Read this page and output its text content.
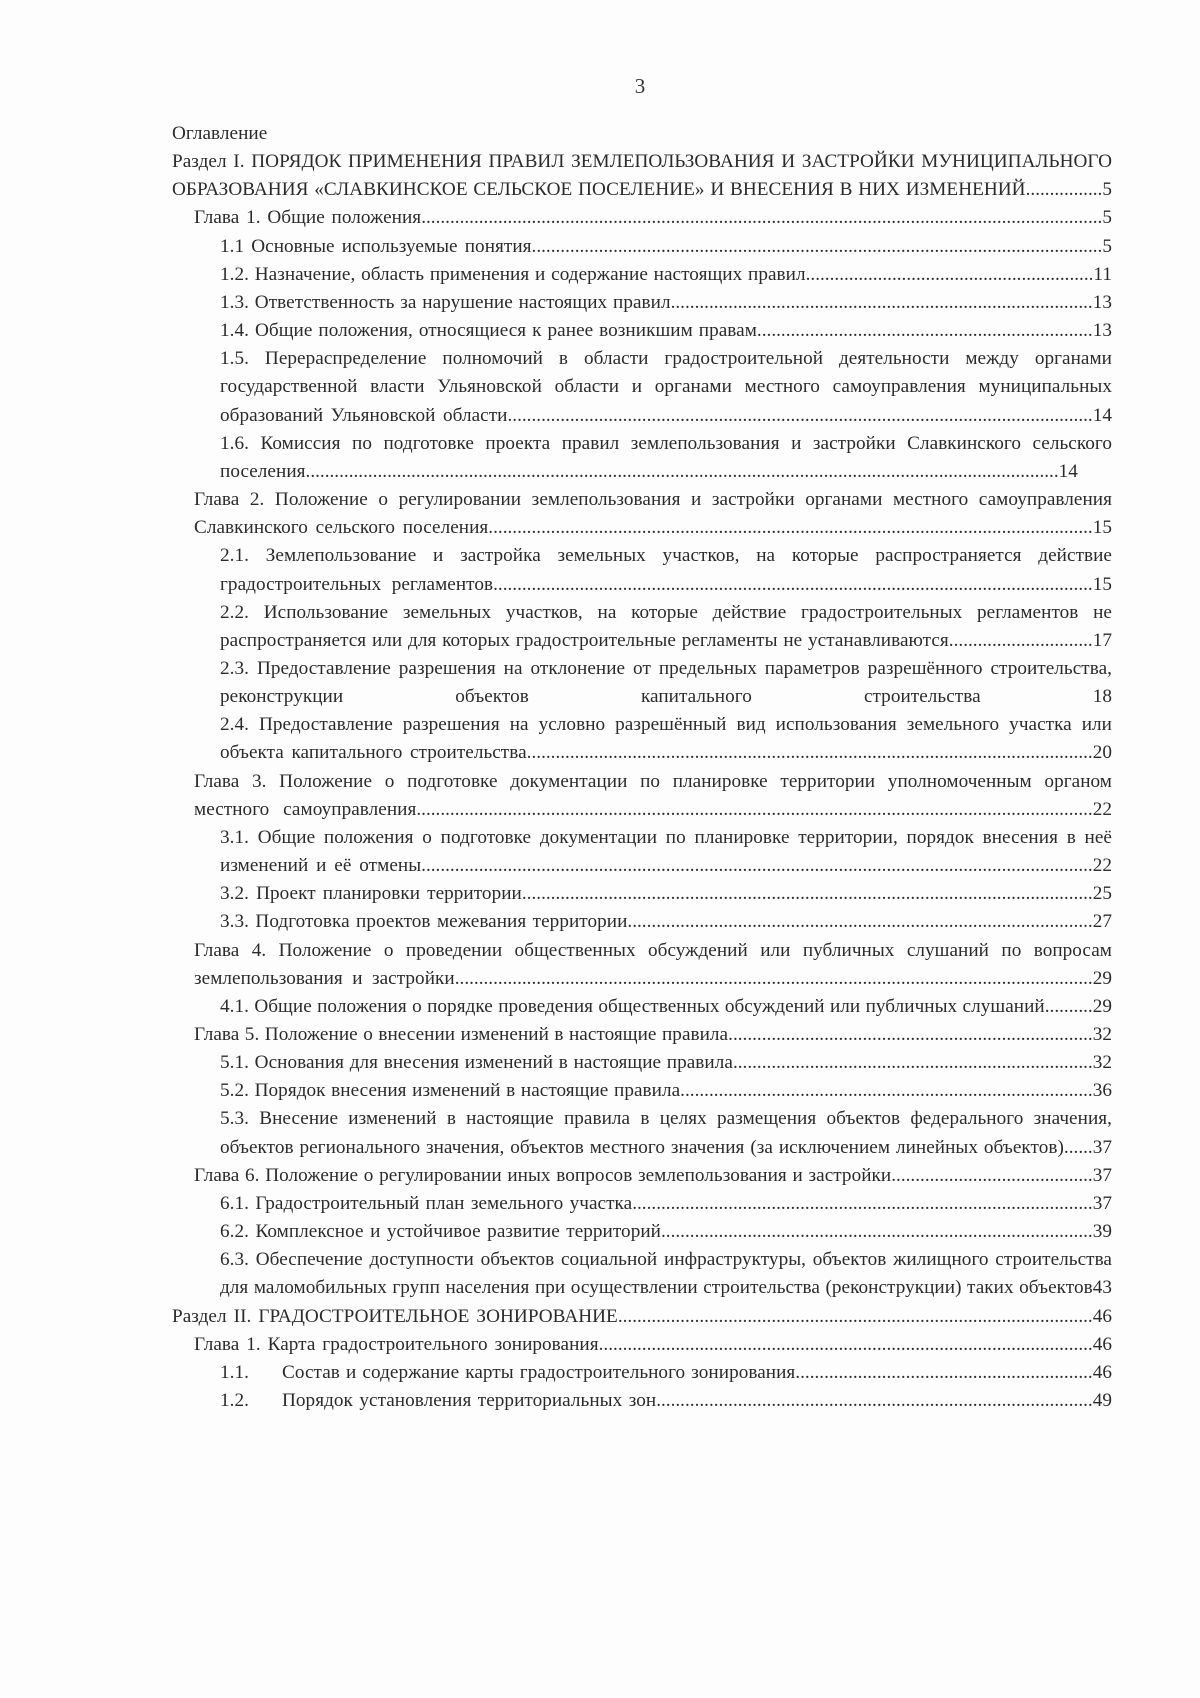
3
Оглавление
Раздел I. ПОРЯДОК ПРИМЕНЕНИЯ ПРАВИЛ ЗЕМЛЕПОЛЬЗОВАНИЯ И ЗАСТРОЙКИ МУНИЦИПАЛЬНОГО ОБРАЗОВАНИЯ «СЛАВКИНСКОЕ СЕЛЬСКОЕ ПОСЕЛЕНИЕ» И ВНЕСЕНИЯ В НИХ ИЗМЕНЕНИЙ................5
Глава 1. Общие положения..............................................................................................................................................5
1.1 Основные используемые понятия.......................................................................................................................5
1.2. Назначение, область применения и содержание настоящих правил............................................................11
1.3. Ответственность за нарушение настоящих правил........................................................................................13
1.4. Общие положения, относящиеся к ранее возникшим правам......................................................................13
1.5. Перераспределение полномочий в области градостроительной деятельности между органами государственной власти Ульяновской области и органами местного самоуправления муниципальных образований Ульяновской области..........................................................................................................................14
1.6. Комиссия по подготовке проекта правил землепользования и застройки Славкинского сельского поселения.............................................................................................................................................................14
Глава 2. Положение о регулировании землепользования и застройки органами местного самоуправления Славкинского сельского поселения..............................................................................................................................15
2.1. Землепользование и застройка земельных участков, на которые распространяется действие градостроительных регламентов.............................................................................................................................15
2.2. Использование земельных участков, на которые действие градостроительных регламентов не распространяется или для которых градостроительные регламенты не устанавливаются..............................17
2.3. Предоставление разрешения на отклонение от предельных параметров разрешённого строительства, реконструкции объектов капитального строительства	18
2.4. Предоставление разрешения на условно разрешённый вид использования земельного участка или объекта капитального строительства......................................................................................................................20
Глава 3. Положение о подготовке документации по планировке территории уполномоченным органом местного самоуправления.............................................................................................................................................22
3.1. Общие положения о подготовке документации по планировке территории, порядок внесения в неё изменений и её отмены............................................................................................................................................22
3.2. Проект планировки территории.......................................................................................................................25
3.3. Подготовка проектов межевания территории.................................................................................................27
Глава 4. Положение о проведении общественных обсуждений или публичных слушаний по вопросам землепользования и застройки.....................................................................................................................................29
4.1. Общие положения о порядке проведения общественных обсуждений или публичных слушаний..........29
Глава 5. Положение о внесении изменений в настоящие правила............................................................................32
5.1. Основания для внесения изменений в настоящие правила...........................................................................32
5.2. Порядок внесения изменений в настоящие правила......................................................................................36
5.3. Внесение изменений в настоящие правила в целях размещения объектов федерального значения, объектов регионального значения, объектов местного значения (за исключением линейных объектов)......37
Глава 6. Положение о регулировании иных вопросов землепользования и застройки..........................................37
6.1. Градостроительный план земельного участка................................................................................................37
6.2. Комплексное и устойчивое развитие территорий..........................................................................................39
6.3. Обеспечение доступности объектов социальной инфраструктуры, объектов жилищного строительства для маломобильных групп населения при осуществлении строительства (реконструкции) таких объектов43
Раздел II. ГРАДОСТРОИТЕЛЬНОЕ ЗОНИРОВАНИЕ...................................................................................................46
Глава 1. Карта градостроительного зонирования.......................................................................................................46
1.1. Состав и содержание карты градостроительного зонирования..............................................................46
1.2. Порядок установления территориальных зон...........................................................................................49
